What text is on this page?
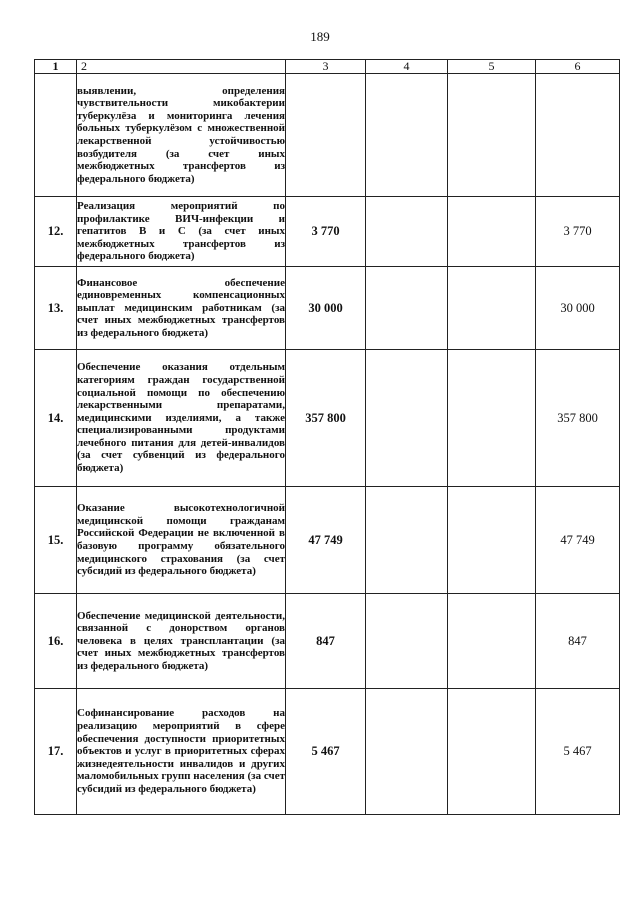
189
1	2	3	4	5	6
	выявлении, определения чувствительности микобактерии туберкулёза и мониторинга лечения больных туберкулёзом с множественной лекарственной устойчивостью возбудителя (за счет иных межбюджетных трансфертов из федерального бюджета)				
12.	Реализация мероприятий по профилактике ВИЧ-инфекции и гепатитов В и С (за счет иных межбюджетных трансфертов из федерального бюджета)	3 770			3 770
13.	Финансовое обеспечение единовременных компенсационных выплат медицинским работникам (за счет иных межбюджетных трансфертов из федерального бюджета)	30 000			30 000
14.	Обеспечение оказания отдельным категориям граждан государственной социальной помощи по обеспечению лекарственными препаратами, медицинскими изделиями, а также специализированными продуктами лечебного питания для детей-инвалидов (за счет субвенций из федерального бюджета)	357 800			357 800
15.	Оказание высокотехнологичной медицинской помощи гражданам Российской Федерации не включенной в базовую программу обязательного медицинского страхования (за счет субсидий из федерального бюджета)	47 749			47 749
16.	Обеспечение медицинской деятельности, связанной с донорством органов человека в целях трансплантации (за счет иных межбюджетных трансфертов из федерального бюджета)	847			847
17.	Софинансирование расходов на реализацию мероприятий в сфере обеспечения доступности приоритетных объектов и услуг в приоритетных сферах жизнедеятельности инвалидов и других маломобильных групп населения (за счет субсидий из федерального бюджета)	5 467			5 467
